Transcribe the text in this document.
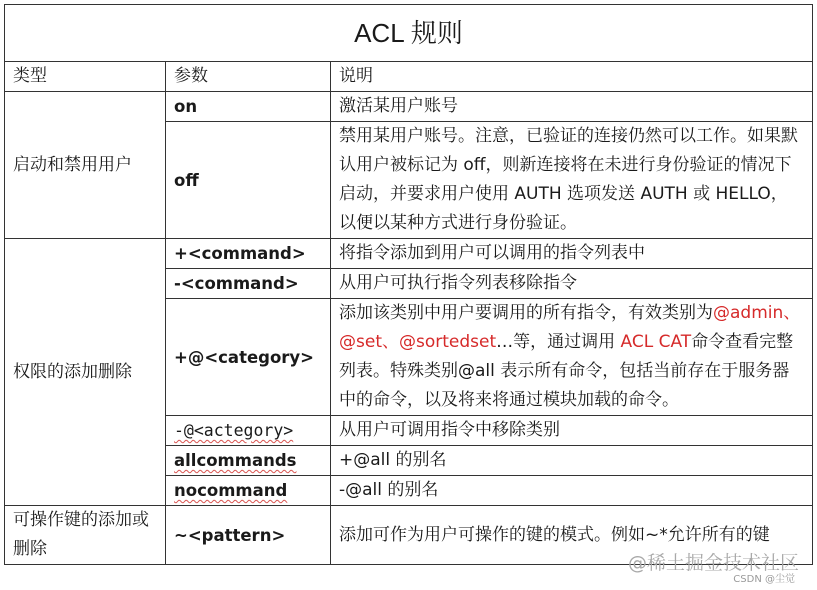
ACL 规则		
类型	参数	说明
启动和禁用用户	on	激活某用户账号
	off	禁用某用户账号。注意，已验证的连接仍然可以工作。如果默认用户被标记为 off，则新连接将在未进行身份验证的情况下启动，并要求用户使用 AUTH 选项发送 AUTH 或 HELLO，以便以某种方式进行身份验证。
权限的添加删除	+<command>	将指令添加到用户可以调用的指令列表中
	-<command>	从用户可执行指令列表移除指令
	+@<category>	添加该类别中用户要调用的所有指令，有效类别为@admin、@set、@sortedset…等，通过调用 ACL CAT命令查看完整列表。特殊类别@all 表示所有命令，包括当前存在于服务器中的命令，以及将来将通过模块加载的命令。
	-@<actegory>	从用户可调用指令中移除类别
	allcommands	+@all 的别名
	nocommand	-@all 的别名
可操作键的添加或删除	~<pattern>	添加可作为用户可操作的键的模式。例如~*允许所有的键
@稀土掘金技术社区
CSDN @尘觉
